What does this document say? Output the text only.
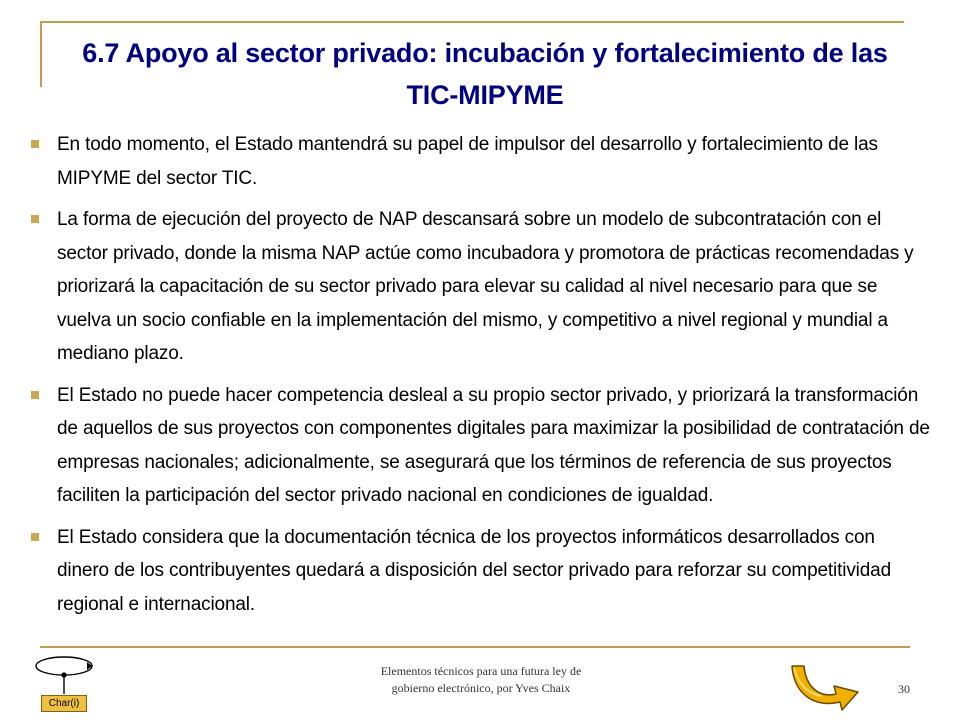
6.7 Apoyo al sector privado: incubación y fortalecimiento de las TIC-MIPYME
En todo momento, el Estado mantendrá su papel de impulsor del desarrollo y fortalecimiento de las MIPYME del sector TIC.
La forma de ejecución del proyecto de NAP descansará sobre un modelo de subcontratación con el sector privado, donde la misma NAP actúe como incubadora y promotora de prácticas recomendadas y priorizará la capacitación de su sector privado para elevar su calidad al nivel necesario para que se vuelva un socio confiable en la implementación del mismo, y competitivo a nivel regional y mundial a mediano plazo.
El Estado no puede hacer competencia desleal a su propio sector privado, y priorizará la transformación de aquellos de sus proyectos con componentes digitales para maximizar la posibilidad de contratación de empresas nacionales; adicionalmente, se asegurará que los términos de referencia de sus proyectos faciliten la participación del sector privado nacional en condiciones de igualdad.
El Estado considera que la documentación técnica de los proyectos informáticos desarrollados con dinero de los contribuyentes quedará a disposición del sector privado para reforzar su competitividad regional e internacional.
Char(i)
Elementos técnicos para una futura ley de
gobierno electrónico, por Yves Chaix	30
